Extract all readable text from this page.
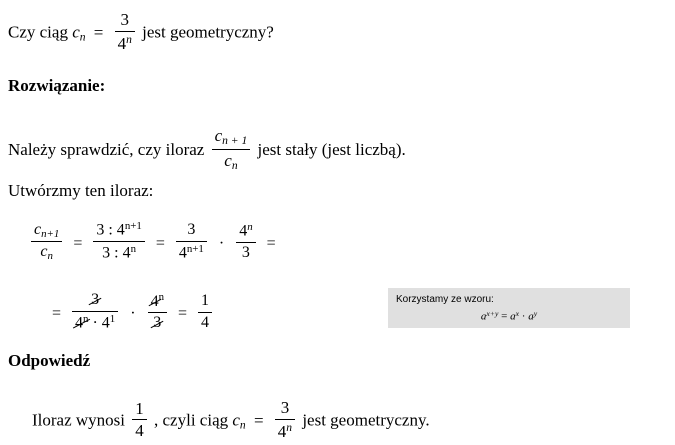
Czy ciąg $c_n = \frac{3}{4^n}$ jest geometryczny?
Rozwiązanie:
Należy sprawdzić, czy iloraz $\frac{c_{n + 1}}{c_n}$ jest stały (jest liczbą).
Utwórzmy ten iloraz:
$\frac{c_{n+1}}{c_n} = \frac{3 : 4^{n+1}}{3 : 4^n} = \frac{3}{4^{n+1}} \cdot \frac{4^n}{3}$ =
= $\frac{3}{4^n \cdot 4^1} \cdot \frac{4^n}{3} = \frac{1}{4}$	Korzystamy ze wzoru:
$a^{x+y} = a^x \cdot a^y$
Odpowiedź
Iloraz wynosi $\frac{1}{4}$ , czyli ciąg $c_n = \frac{3}{4^n}$ jest geometryczny.
